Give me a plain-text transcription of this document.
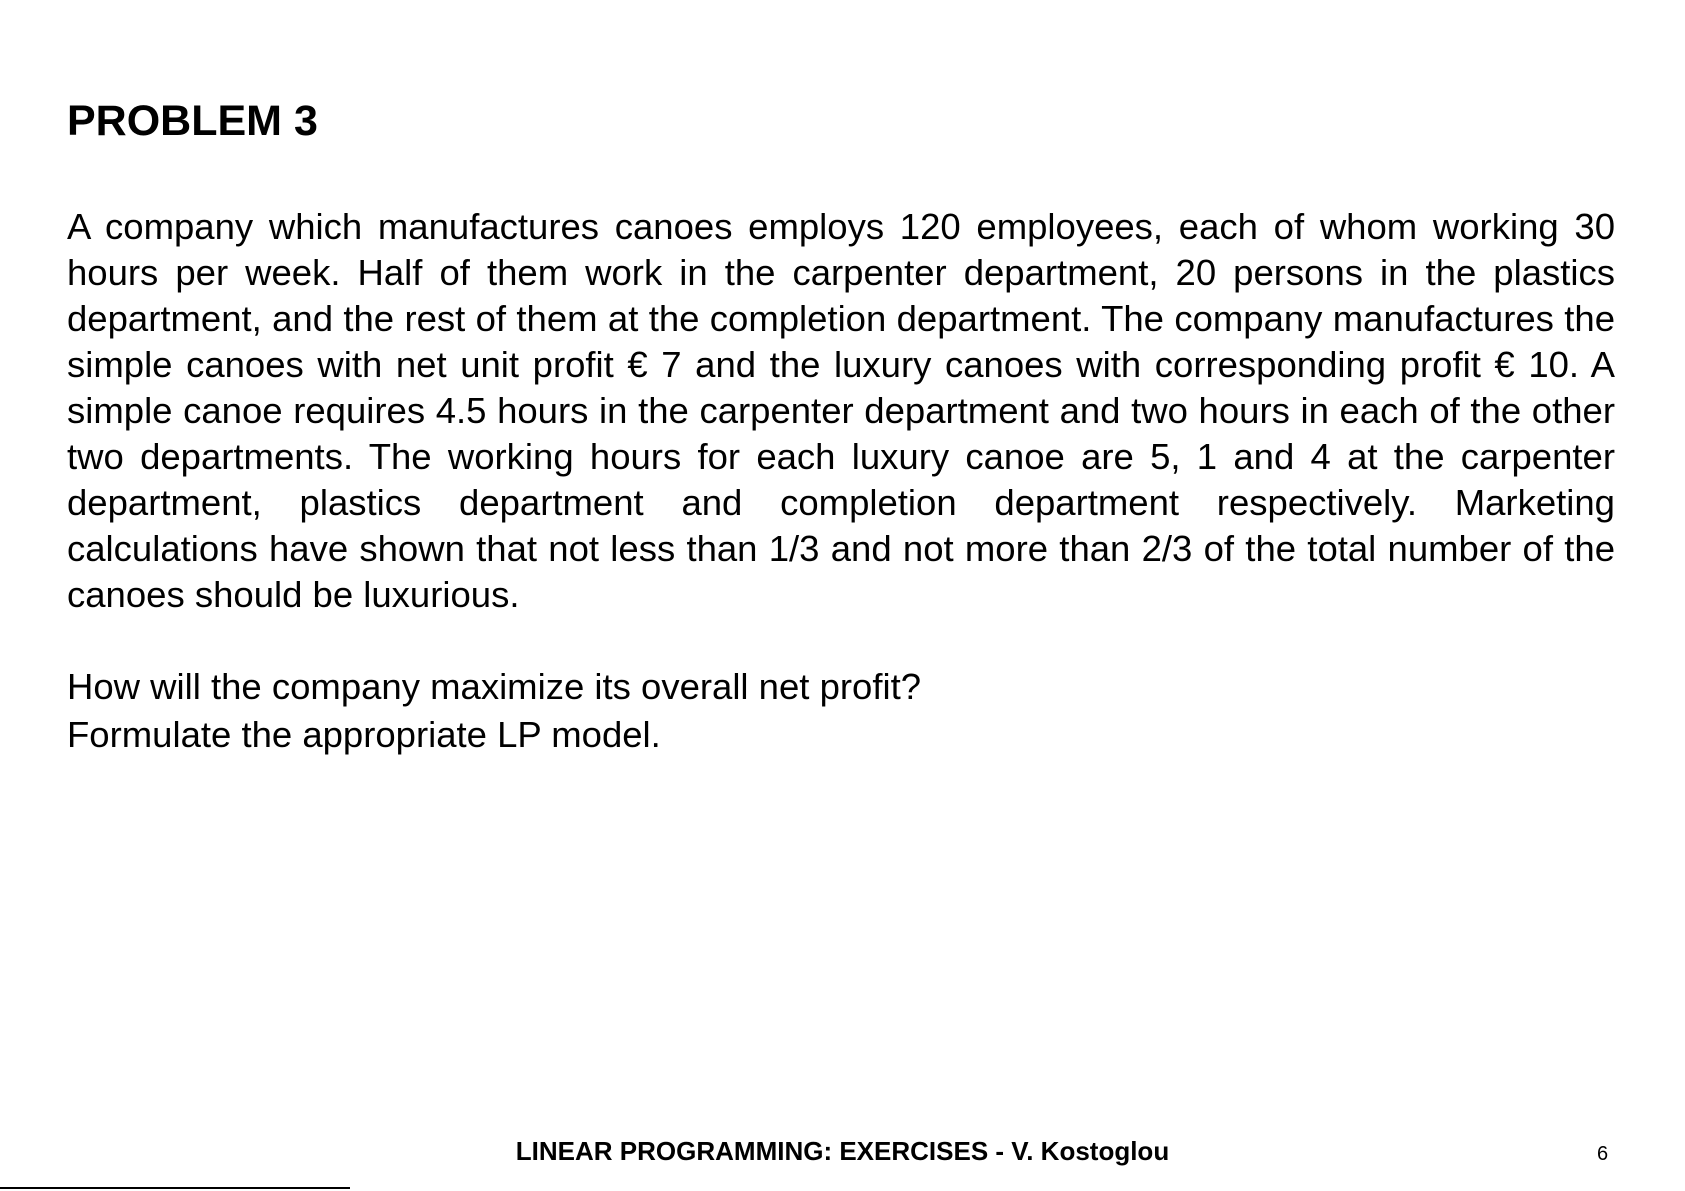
PROBLEM 3

A company which manufactures canoes employs 120 employees, each of whom working 30 hours per week. Half of them work in the carpenter department, 20 persons in the plastics department, and the rest of them at the completion department. The company manufactures the simple canoes with net unit profit € 7 and the luxury canoes with corresponding profit € 10. A simple canoe requires 4.5 hours in the carpenter department and two hours in each of the other two departments. The working hours for each luxury canoe are 5, 1 and 4 at the carpenter department, plastics department and completion department respectively. Marketing calculations have shown that not less than 1/3 and not more than 2/3 of the total number of the canoes should be luxurious.

How will the company maximize its overall net profit?
Formulate the appropriate LP model.
LINEAR PROGRAMMING: EXERCISES - V. Kostoglou	6
